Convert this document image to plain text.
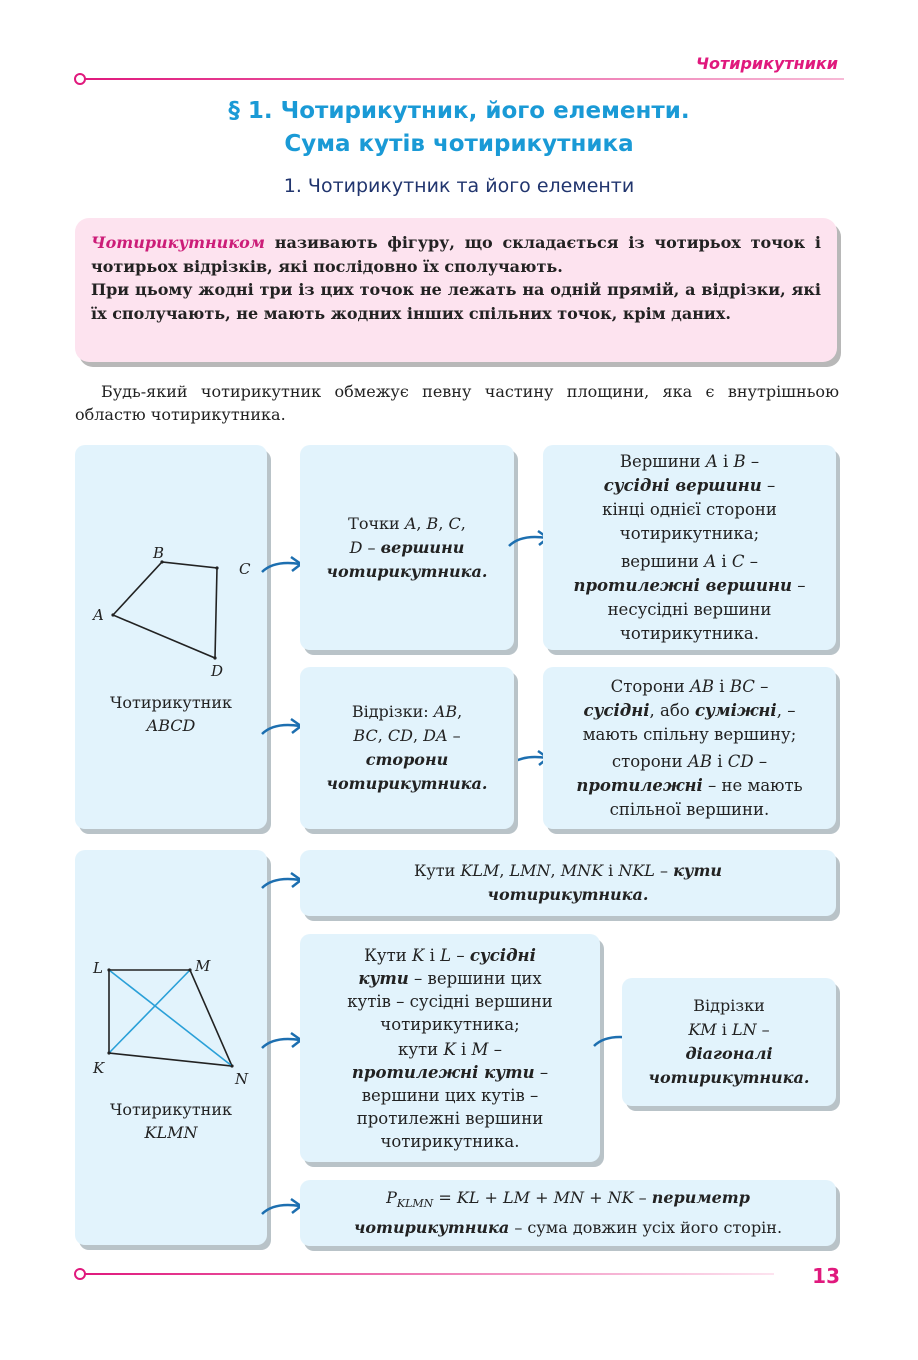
Чотирикутники
§ 1. Чотирикутник, його елементи.
Сума кутів чотирикутника
1. Чотирикутник та його елементи
Чотирикутником називають фігуру, що складається із чотирьох точок і чотирьох відрізків, які послідовно їх сполучають.
При цьому жодні три із цих точок не лежать на одній прямій, а відрізки, які їх сполучають, не мають жодних інших спільних точок, крім даних.
Будь-який чотирикутник обмежує певну частину площини, яка є внутрішньою областю чотирикутника.
A
B
C
D
Чотирикутник
ABCD
Точки A, B, C,
D – вершини
чотирикутника.
Вершини A і B –
сусідні вершини –
кінці однієї сторони
чотирикутника;
вершини A і C –
протилежні вершини –
несусідні вершини
чотирикутника.
Відрізки: AB,
BC, CD, DA –
сторони
чотирикутника.
Сторони AB і BC –
сусідні, або суміжні, –
мають спільну вершину;
сторони AB і CD –
протилежні – не мають
спільної вершини.
L	M
K
N
Чотирикутник
KLMN
Кути KLM, LMN, MNK і NKL – кути
чотирикутника.
Кути K і L – сусідні
кути – вершини цих
кутів – сусідні вершини
чотирикутника;
кути K і M –
протилежні кути –
вершини цих кутів –
протилежні вершини
чотирикутника.
Відрізки
KM і LN –
діагоналі
чотирикутника.
$P_{KLMN}$ = KL + LM + MN + NK – периметр
чотирикутника – сума довжин усіх його сторін.
13
